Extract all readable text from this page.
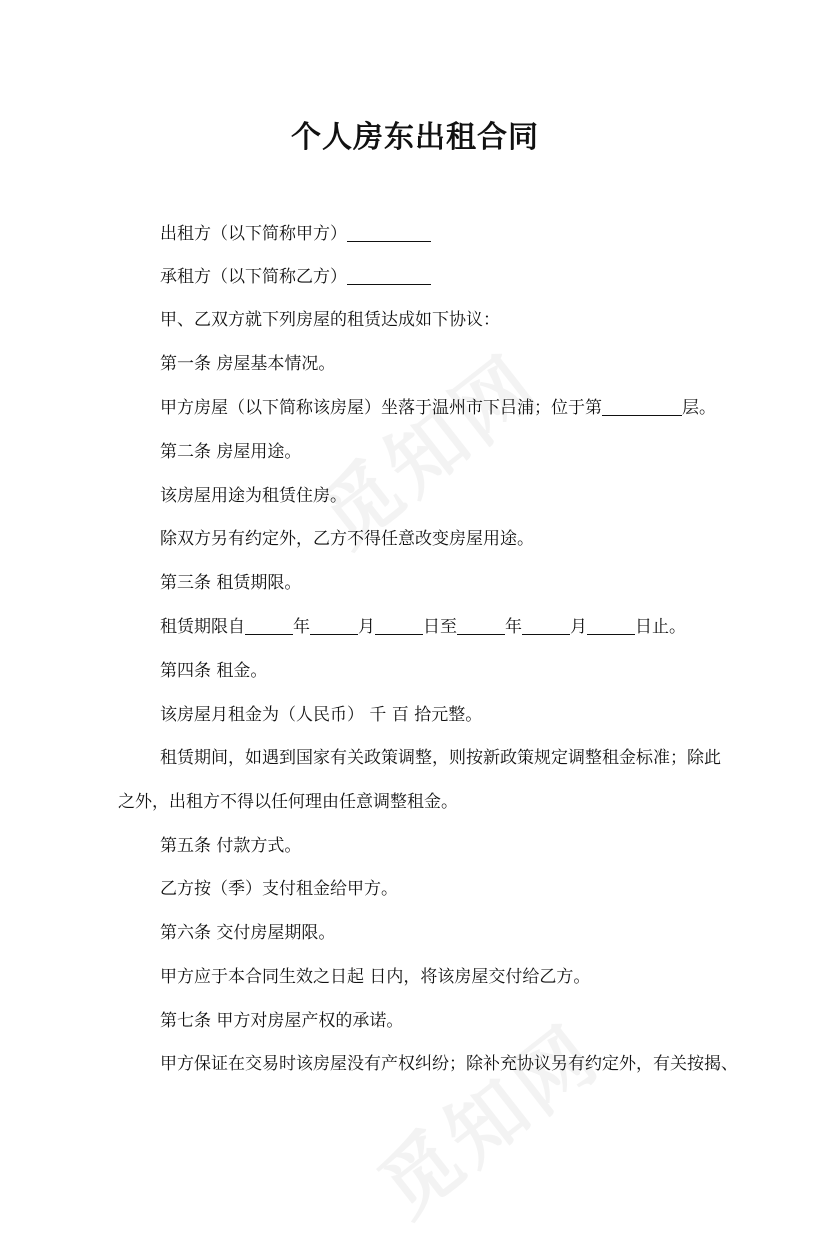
个人房东出租合同
出租方（以下简称甲方）
承租方（以下简称乙方）
甲、乙双方就下列房屋的租赁达成如下协议：
第一条 房屋基本情况。
甲方房屋（以下简称该房屋）坐落于温州市下吕浦；位于第	层。
第二条 房屋用途。
该房屋用途为租赁住房。
除双方另有约定外，乙方不得任意改变房屋用途。
第三条 租赁期限。
租赁期限自	年	月	日至	年	月	日止。
第四条 租金。
该房屋月租金为（人民币） 千 百 拾元整。
租赁期间，如遇到国家有关政策调整，则按新政策规定调整租金标准；除此
之外，出租方不得以任何理由任意调整租金。
第五条 付款方式。
乙方按（季）支付租金给甲方。
第六条 交付房屋期限。
甲方应于本合同生效之日起 日内，将该房屋交付给乙方。
第七条 甲方对房屋产权的承诺。
甲方保证在交易时该房屋没有产权纠纷；除补充协议另有约定外，有关按揭、
